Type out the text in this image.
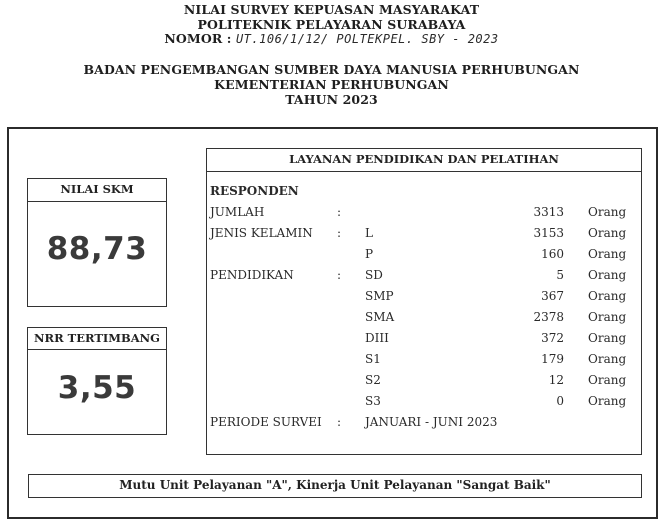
NILAI SURVEY KEPUASAN MASYARAKAT
POLITEKNIK PELAYARAN SURABAYA
NOMOR : UT.106/1/12/ POLTEKPEL. SBY - 2023
BADAN PENGEMBANGAN SUMBER DAYA MANUSIA PERHUBUNGAN
KEMENTERIAN PERHUBUNGAN
TAHUN 2023
NILAI SKM
88,73
NRR TERTIMBANG
3,55
LAYANAN PENDIDIKAN DAN PELATIHAN
RESPONDEN
JUMLAH	:	3313 Orang
JENIS KELAMIN : L	3153 Orang
P	160 Orang
PENDIDIKAN	: SD	5 Orang
SMP	367 Orang
SMA	2378 Orang
DIII	372 Orang
S1	179 Orang
S2	12 Orang
S3	0 Orang
PERIODE SURVEI : JANUARI - JUNI 2023
Mutu Unit Pelayanan "A", Kinerja Unit Pelayanan "Sangat Baik"
